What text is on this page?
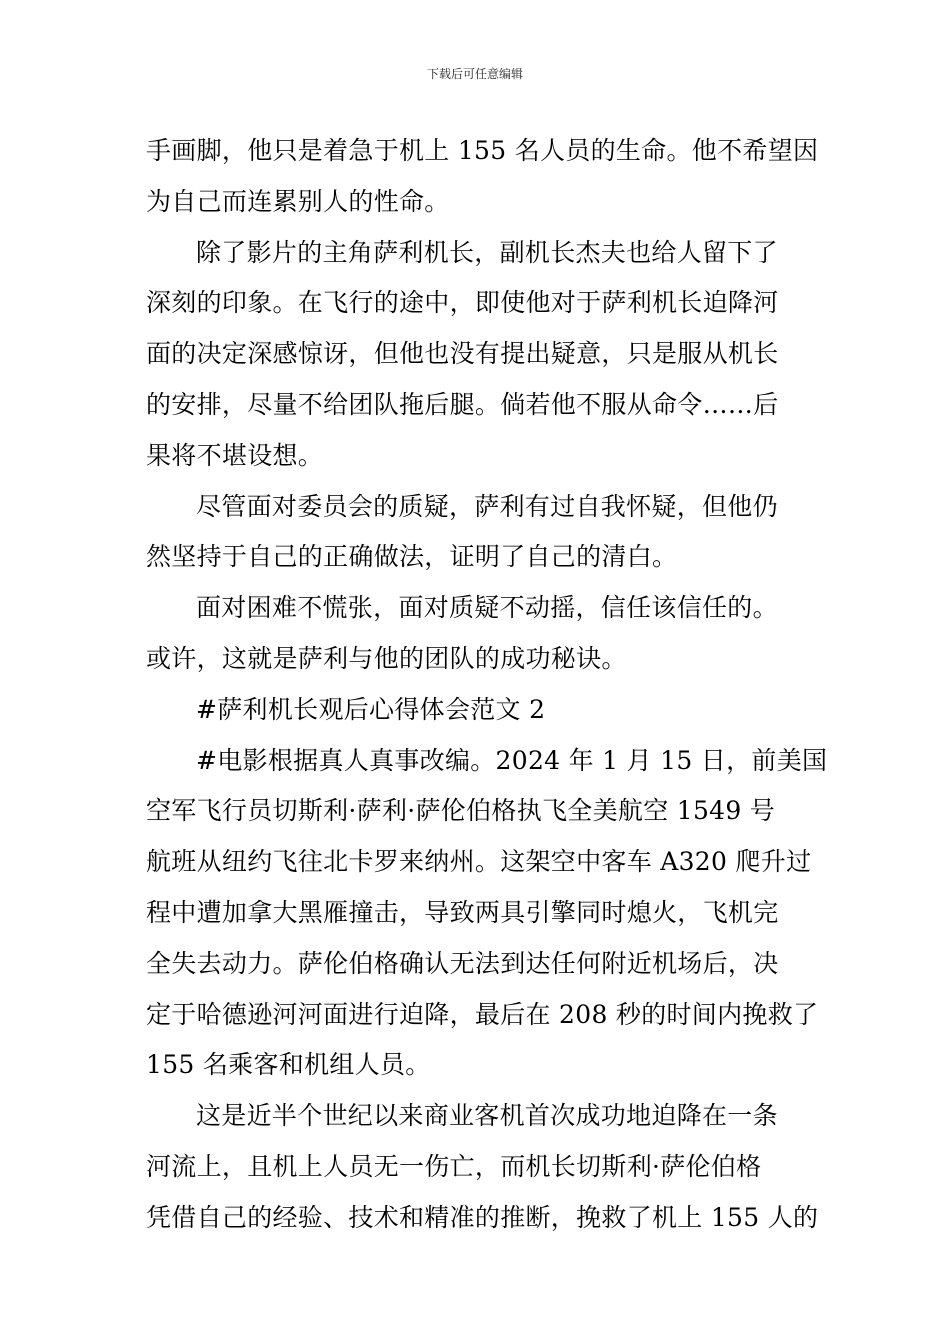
下载后可任意编辑
手画脚，他只是着急于机上 155 名人员的生命。他不希望因
为自己而连累别人的性命。
除了影片的主角萨利机长，副机长杰夫也给人留下了
深刻的印象。在飞行的途中，即使他对于萨利机长迫降河
面的决定深感惊讶，但他也没有提出疑意，只是服从机长
的安排，尽量不给团队拖后腿。倘若他不服从命令……后
果将不堪设想。
尽管面对委员会的质疑，萨利有过自我怀疑，但他仍
然坚持于自己的正确做法，证明了自己的清白。
面对困难不慌张，面对质疑不动摇，信任该信任的。
或许，这就是萨利与他的团队的成功秘诀。
#萨利机长观后心得体会范文 2
#电影根据真人真事改编。2024 年 1 月 15 日，前美国
空军飞行员切斯利·萨利·萨伦伯格执飞全美航空 1549 号
航班从纽约飞往北卡罗来纳州。这架空中客车 A320 爬升过
程中遭加拿大黑雁撞击，导致两具引擎同时熄火，飞机完
全失去动力。萨伦伯格确认无法到达任何附近机场后，决
定于哈德逊河河面进行迫降，最后在 208 秒的时间内挽救了
155 名乘客和机组人员。
这是近半个世纪以来商业客机首次成功地迫降在一条
河流上，且机上人员无一伤亡，而机长切斯利·萨伦伯格
凭借自己的经验、技术和精准的推断，挽救了机上 155 人的
